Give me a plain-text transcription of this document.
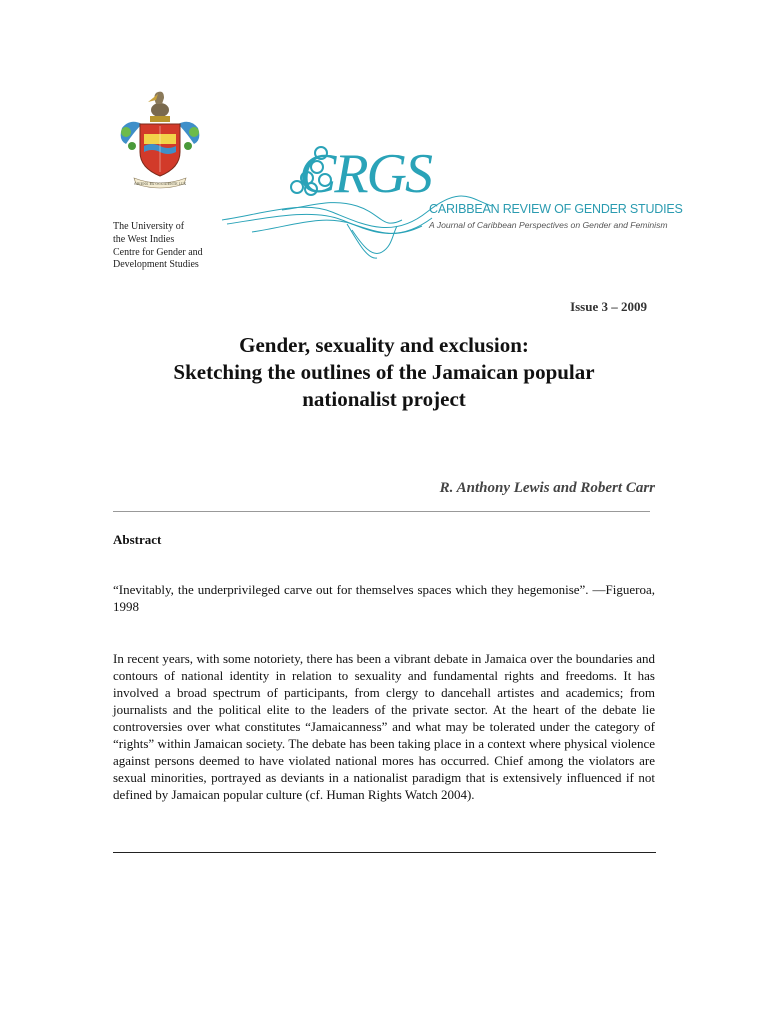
ORIENS EX OCCIDENTE LUX
The University of
the West Indies
Centre for Gender and
Development Studies
CRGS
CARIBBEAN REVIEW OF GENDER STUDIES
A Journal of Caribbean Perspectives on Gender and Feminism
Issue 3 – 2009
Gender, sexuality and exclusion:
Sketching the outlines of the Jamaican popular
nationalist project
R. Anthony Lewis and Robert Carr
Abstract
“Inevitably, the underprivileged carve out for themselves spaces which they hegemonise”. —Figueroa, 1998
In recent years, with some notoriety, there has been a vibrant debate in Jamaica over the boundaries and contours of national identity in relation to sexuality and fundamental rights and freedoms. It has involved a broad spectrum of participants, from clergy to dancehall artistes and academics; from journalists and the political elite to the leaders of the private sector. At the heart of the debate lie controversies over what constitutes “Jamaicanness” and what may be tolerated under the category of “rights” within Jamaican society. The debate has been taking place in a context where physical violence against persons deemed to have violated national mores has occurred. Chief among the violators are sexual minorities, portrayed as deviants in a nationalist paradigm that is extensively influenced if not defined by Jamaican popular culture (cf. Human Rights Watch 2004).
